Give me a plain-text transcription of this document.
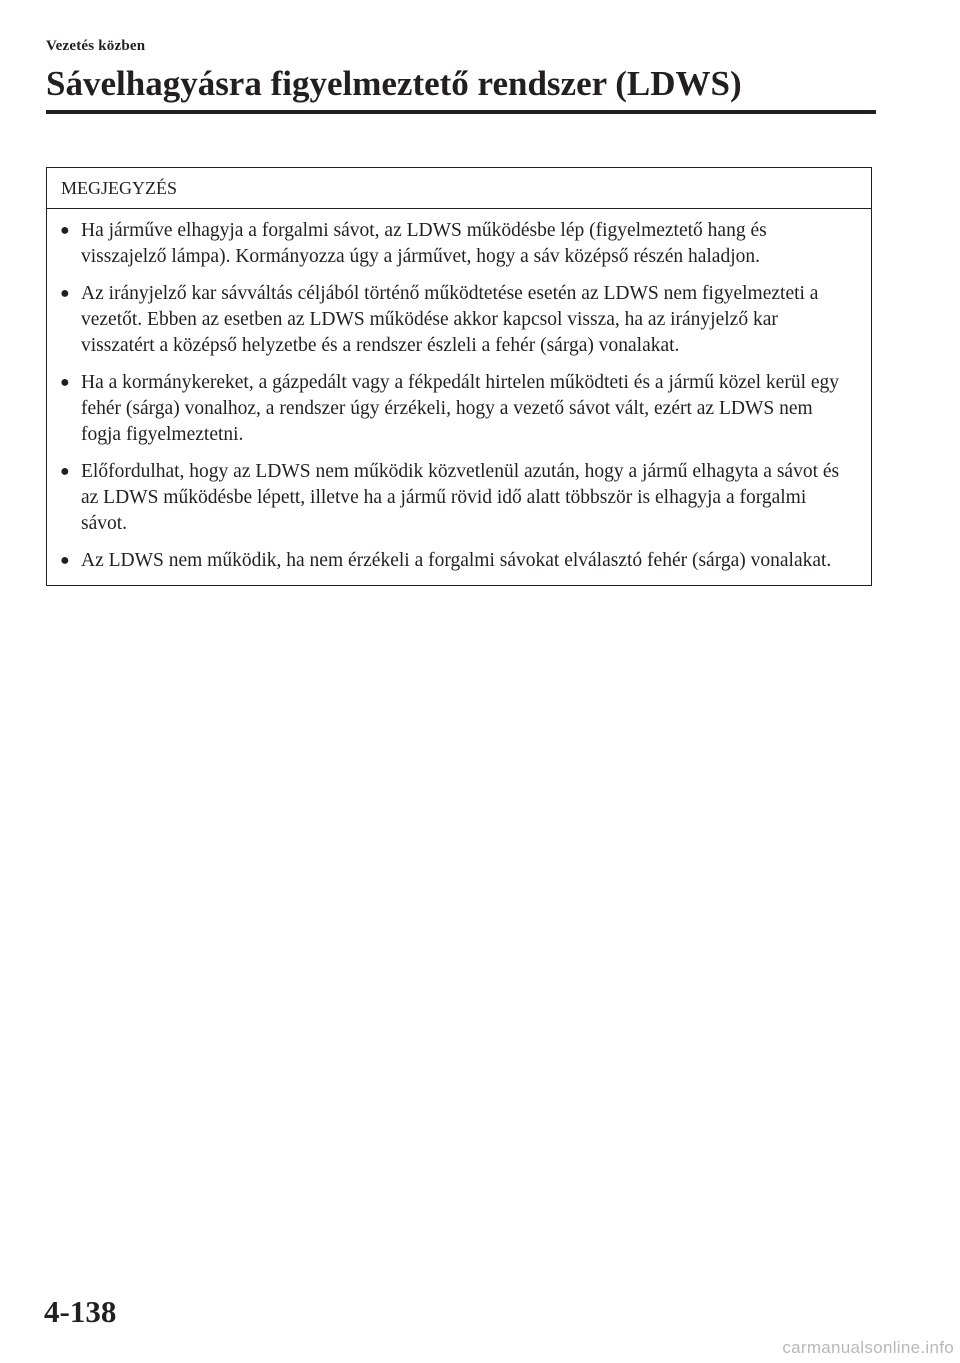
Vezetés közben
Sávelhagyásra figyelmeztető rendszer (LDWS)
MEGJEGYZÉS
● Ha járműve elhagyja a forgalmi sávot, az LDWS működésbe lép (figyelmeztető hang és visszajelző lámpa). Kormányozza úgy a járművet, hogy a sáv középső részén haladjon.
● Az irányjelző kar sávváltás céljából történő működtetése esetén az LDWS nem figyelmezteti a vezetőt. Ebben az esetben az LDWS működése akkor kapcsol vissza, ha az irányjelző kar visszatért a középső helyzetbe és a rendszer észleli a fehér (sárga) vonalakat.
● Ha a kormánykereket, a gázpedált vagy a fékpedált hirtelen működteti és a jármű közel kerül egy fehér (sárga) vonalhoz, a rendszer úgy érzékeli, hogy a vezető sávot vált, ezért az LDWS nem fogja figyelmeztetni.
● Előfordulhat, hogy az LDWS nem működik közvetlenül azután, hogy a jármű elhagyta a sávot és az LDWS működésbe lépett, illetve ha a jármű rövid idő alatt többször is elhagyja a forgalmi sávot.
● Az LDWS nem működik, ha nem érzékeli a forgalmi sávokat elválasztó fehér (sárga) vonalakat.
4-138
carmanualsonline.info
